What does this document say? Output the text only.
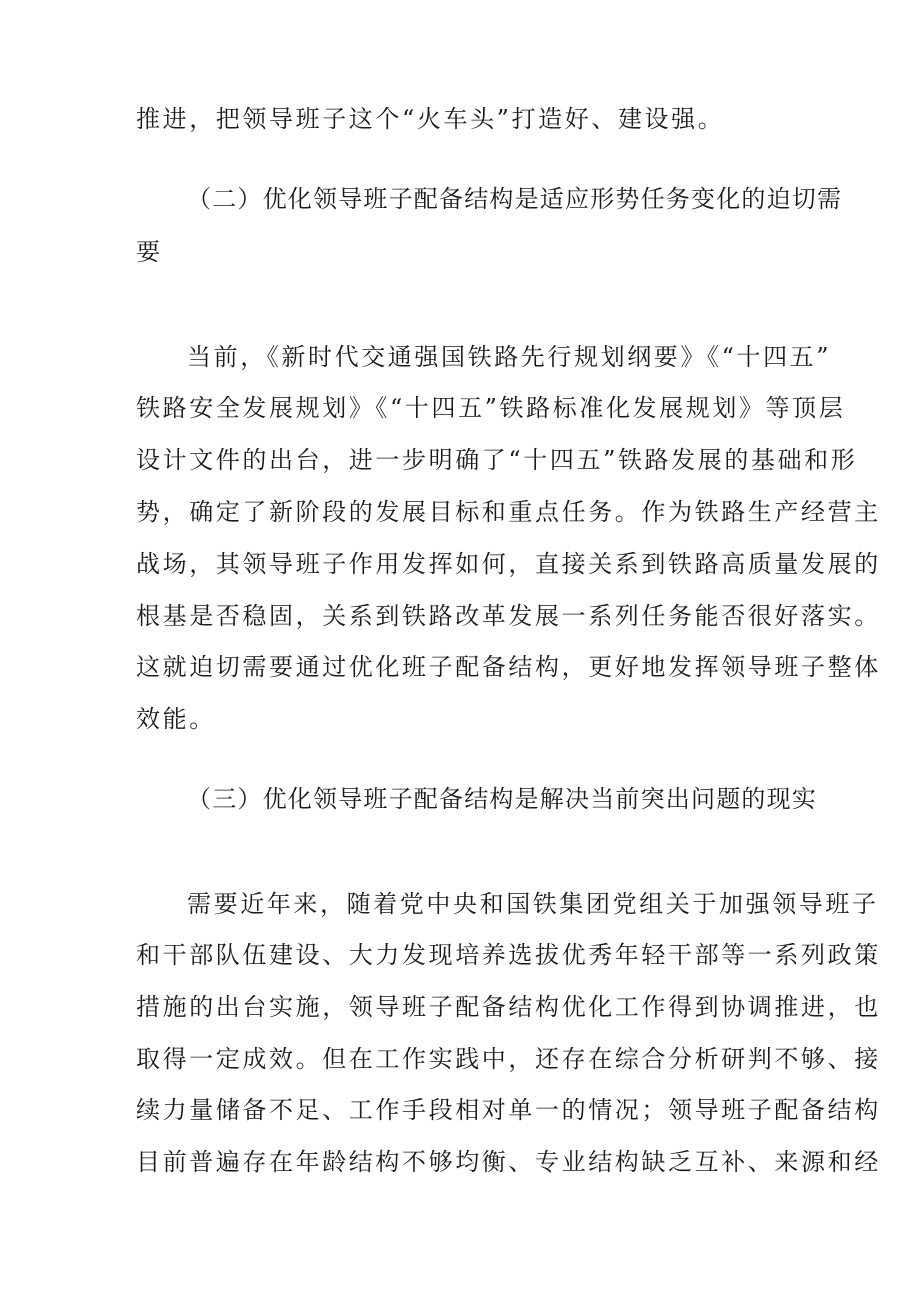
推进，把领导班子这个“火车头”打造好、建设强。
（二）优化领导班子配备结构是适应形势任务变化的迫切需
要
当前，《新时代交通强国铁路先行规划纲要》《“十四五”
铁路安全发展规划》《“十四五”铁路标准化发展规划》等顶层
设计文件的出台，进一步明确了“十四五”铁路发展的基础和形
势，确定了新阶段的发展目标和重点任务。作为铁路生产经营主
战场，其领导班子作用发挥如何，直接关系到铁路高质量发展的
根基是否稳固，关系到铁路改革发展一系列任务能否很好落实。
这就迫切需要通过优化班子配备结构，更好地发挥领导班子整体
效能。
（三）优化领导班子配备结构是解决当前突出问题的现实
需要近年来，随着党中央和国铁集团党组关于加强领导班子
和干部队伍建设、大力发现培养选拔优秀年轻干部等一系列政策
措施的出台实施，领导班子配备结构优化工作得到协调推进，也
取得一定成效。但在工作实践中，还存在综合分析研判不够、接
续力量储备不足、工作手段相对单一的情况；领导班子配备结构
目前普遍存在年龄结构不够均衡、专业结构缺乏互补、来源和经
